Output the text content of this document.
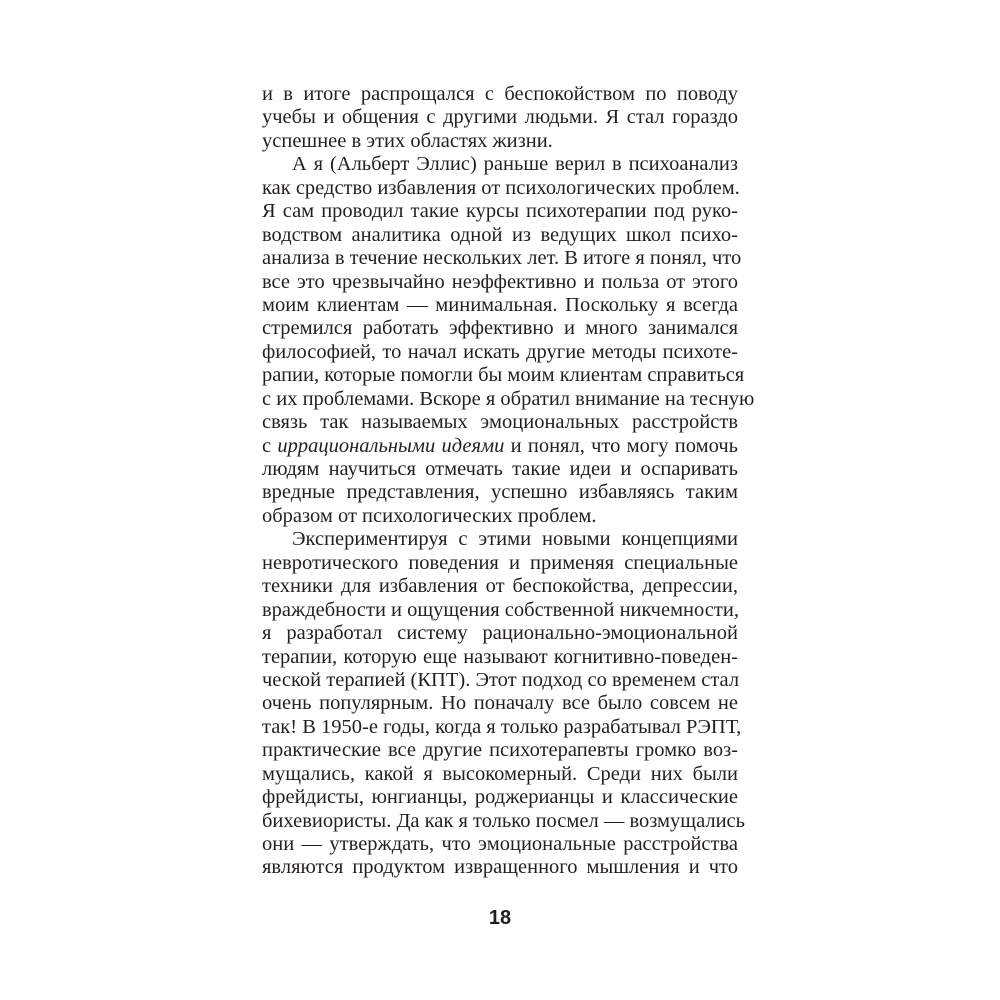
и в итоге распрощался с беспокойством по поводу
учебы и общения с другими людьми. Я стал гораздо
успешнее в этих областях жизни.
А я (Альберт Эллис) раньше верил в психоанализ
как средство избавления от психологических проблем.
Я сам проводил такие курсы психотерапии под руко-
водством аналитика одной из ведущих школ психо-
анализа в течение нескольких лет. В итоге я понял, что
все это чрезвычайно неэффективно и польза от этого
моим клиентам — минимальная. Поскольку я всегда
стремился работать эффективно и много занимался
философией, то начал искать другие методы психоте-
рапии, которые помогли бы моим клиентам справиться
с их проблемами. Вскоре я обратил внимание на тесную
связь так называемых эмоциональных расстройств
с иррациональными идеями и понял, что могу помочь
людям научиться отмечать такие идеи и оспаривать
вредные представления, успешно избавляясь таким
образом от психологических проблем.
Экспериментируя с этими новыми концепциями
невротического поведения и применяя специальные
техники для избавления от беспокойства, депрессии,
враждебности и ощущения собственной никчемности,
я разработал систему рационально-эмоциональной
терапии, которую еще называют когнитивно-поведен-
ческой терапией (КПТ). Этот подход со временем стал
очень популярным. Но поначалу все было совсем не
так! В 1950-е годы, когда я только разрабатывал РЭПТ,
практические все другие психотерапевты громко воз-
мущались, какой я высокомерный. Среди них были
фрейдисты, юнгианцы, роджерианцы и классические
бихевиористы. Да как я только посмел — возмущались
они — утверждать, что эмоциональные расстройства
являются продуктом извращенного мышления и что
18
